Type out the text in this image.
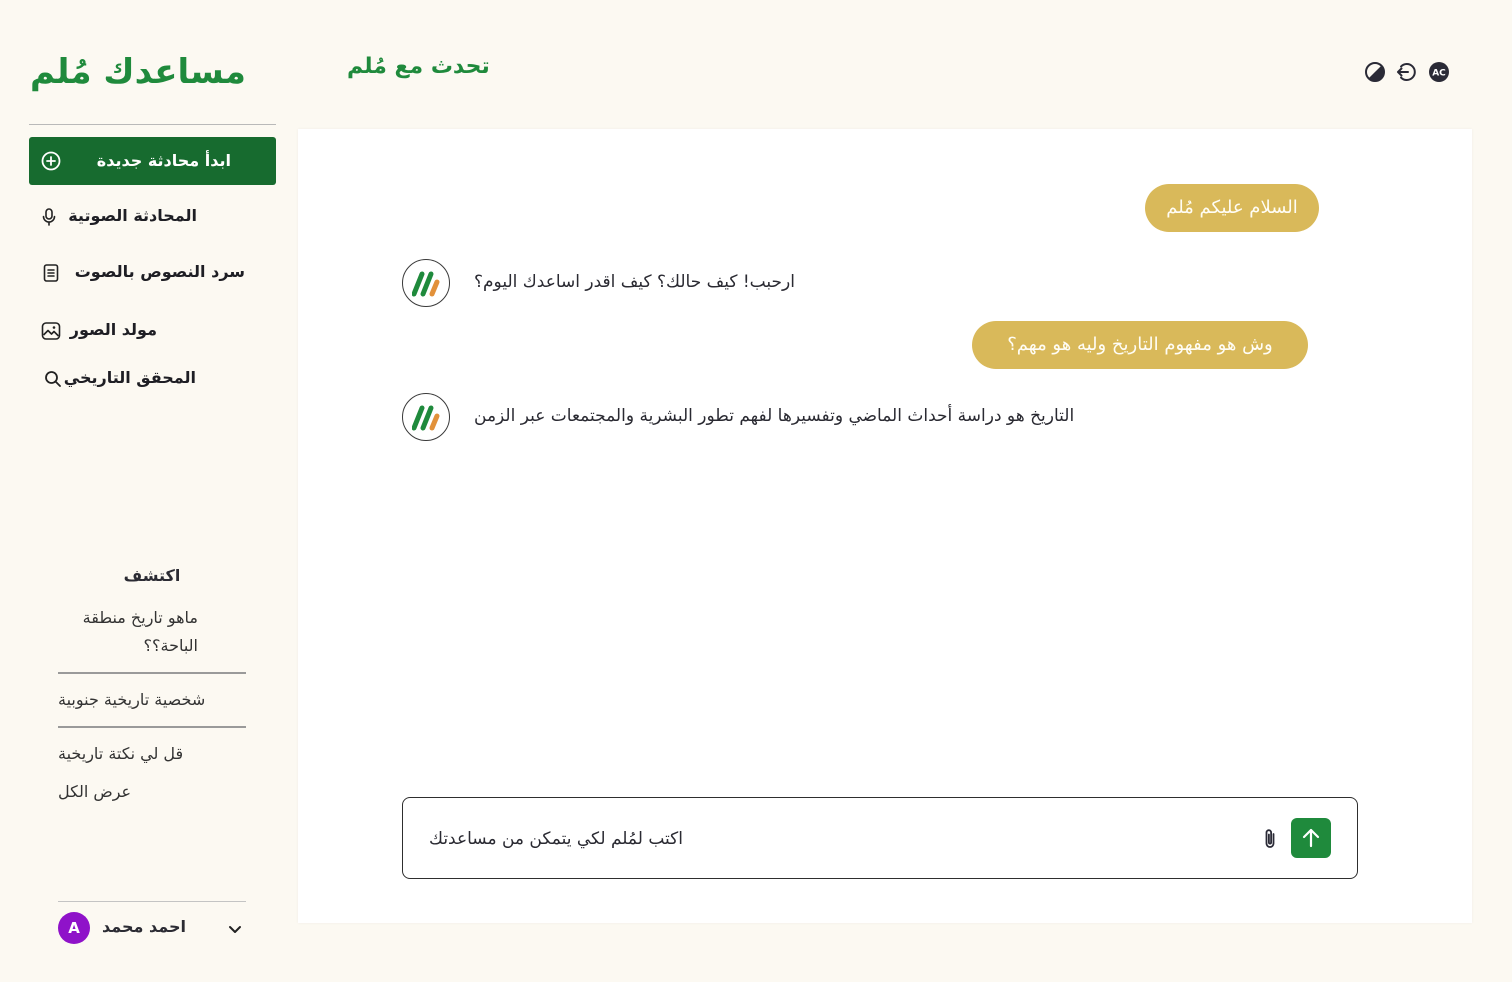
مساعدك مُلم
ابدأ محادثة جديدة
المحادثة الصوتية
سرد النصوص بالصوت
مولد الصور
المحقق التاريخي
اكتشف
ماهو تاريخ منطقة الباحة؟؟
شخصية تاريخية جنوبية
قل لي نكتة تاريخية
عرض الكل
A	احمد محمد
تحدث مع مُلم	AC
السلام عليكم مُلم
ارحبب! كيف حالك؟ كيف اقدر اساعدك اليوم؟
وش هو مفهوم التاريخ وليه هو مهم؟
التاريخ هو دراسة أحداث الماضي وتفسيرها لفهم تطور البشرية والمجتمعات عبر الزمن
اكتب لمُلم لكي يتمكن من مساعدتك
